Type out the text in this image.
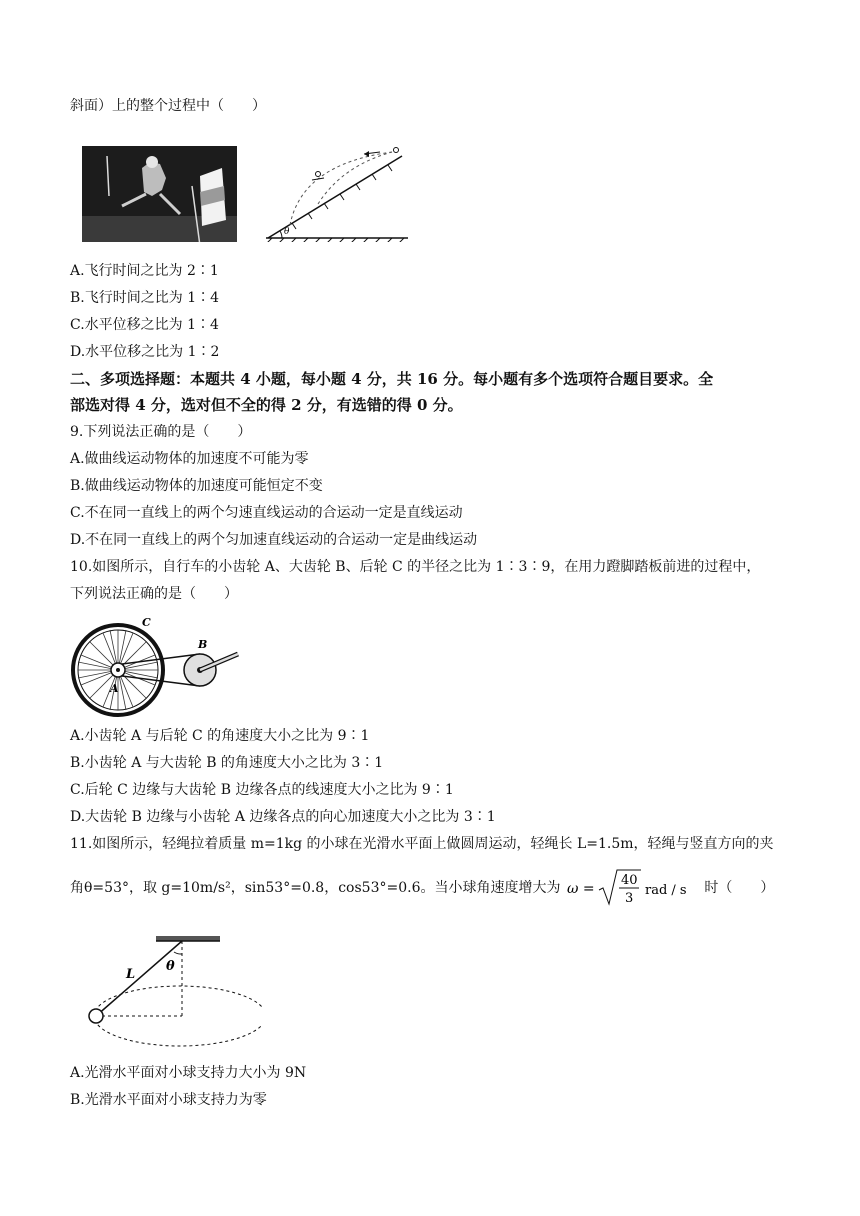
斜面）上的整个过程中（　　）
θ
A.飞行时间之比为 2∶1
B.飞行时间之比为 1∶4
C.水平位移之比为 1∶4
D.水平位移之比为 1∶2
二、多项选择题：本题共 4 小题，每小题 4 分，共 16 分。每小题有多个选项符合题目要求。全
部选对得 4 分，选对但不全的得 2 分，有选错的得 0 分。
9.下列说法正确的是（　　）
A.做曲线运动物体的加速度不可能为零
B.做曲线运动物体的加速度可能恒定不变
C.不在同一直线上的两个匀速直线运动的合运动一定是直线运动
D.不在同一直线上的两个匀加速直线运动的合运动一定是曲线运动
10.如图所示，自行车的小齿轮 A、大齿轮 B、后轮 C 的半径之比为 1∶3∶9，在用力蹬脚踏板前进的过程中，
下列说法正确的是（　　）
C
B
A
A.小齿轮 A 与后轮 C 的角速度大小之比为 9∶1
B.小齿轮 A 与大齿轮 B 的角速度大小之比为 3∶1
C.后轮 C 边缘与大齿轮 B 边缘各点的线速度大小之比为 9∶1
D.大齿轮 B 边缘与小齿轮 A 边缘各点的向心加速度大小之比为 3∶1
11.如图所示，轻绳拉着质量 m=1kg 的小球在光滑水平面上做圆周运动，轻绳长 L=1.5m，轻绳与竖直方向的夹
角θ=53°，取 g=10m/s²，sin53°=0.8，cos53°=0.6。当小球角速度增大为 ω =
40
3
rad / s 时（　　）
L
θ
A.光滑水平面对小球支持力大小为 9N
B.光滑水平面对小球支持力为零
